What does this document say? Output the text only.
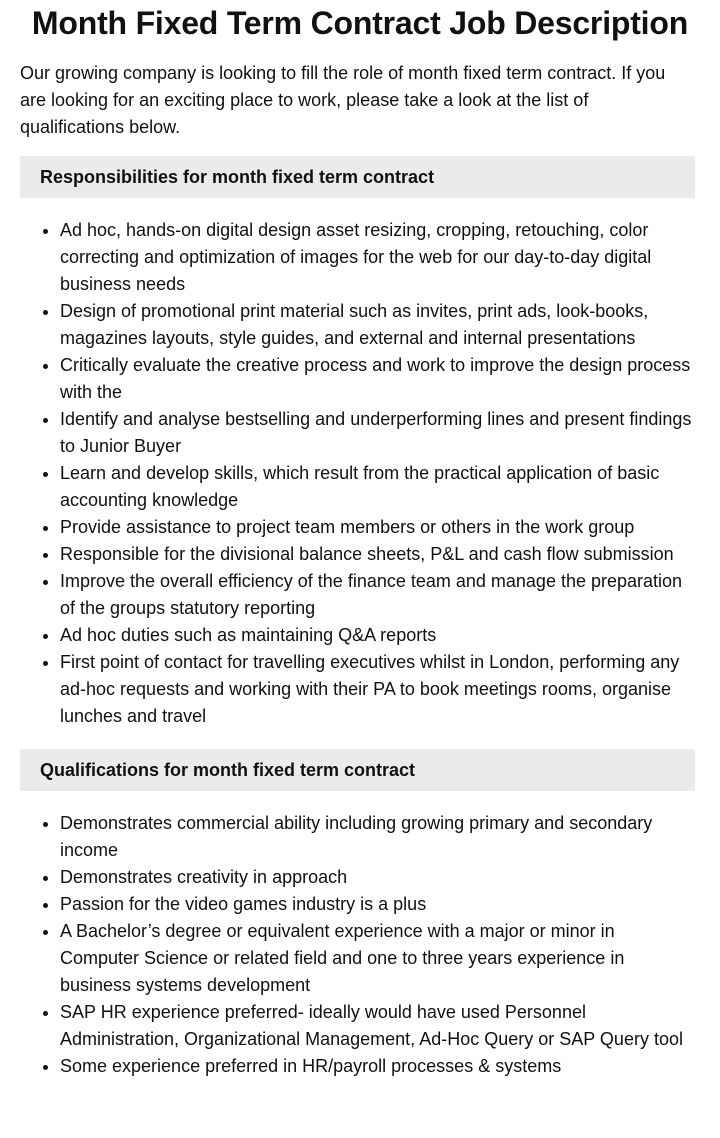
Month Fixed Term Contract Job Description

Our growing company is looking to fill the role of month fixed term contract. If you are looking for an exciting place to work, please take a look at the list of qualifications below.

Responsibilities for month fixed term contract
• Ad hoc, hands-on digital design asset resizing, cropping, retouching, color correcting and optimization of images for the web for our day-to-day digital business needs
• Design of promotional print material such as invites, print ads, look-books, magazines layouts, style guides, and external and internal presentations
• Critically evaluate the creative process and work to improve the design process with the
• Identify and analyse bestselling and underperforming lines and present findings to Junior Buyer
• Learn and develop skills, which result from the practical application of basic accounting knowledge
• Provide assistance to project team members or others in the work group
• Responsible for the divisional balance sheets, P&L and cash flow submission
• Improve the overall efficiency of the finance team and manage the preparation of the groups statutory reporting
• Ad hoc duties such as maintaining Q&A reports
• First point of contact for travelling executives whilst in London, performing any ad-hoc requests and working with their PA to book meetings rooms, organise lunches and travel
Qualifications for month fixed term contract
• Demonstrates commercial ability including growing primary and secondary income
• Demonstrates creativity in approach
• Passion for the video games industry is a plus
• A Bachelor’s degree or equivalent experience with a major or minor in Computer Science or related field and one to three years experience in business systems development
• SAP HR experience preferred- ideally would have used Personnel Administration, Organizational Management, Ad-Hoc Query or SAP Query tool
• Some experience preferred in HR/payroll processes & systems
